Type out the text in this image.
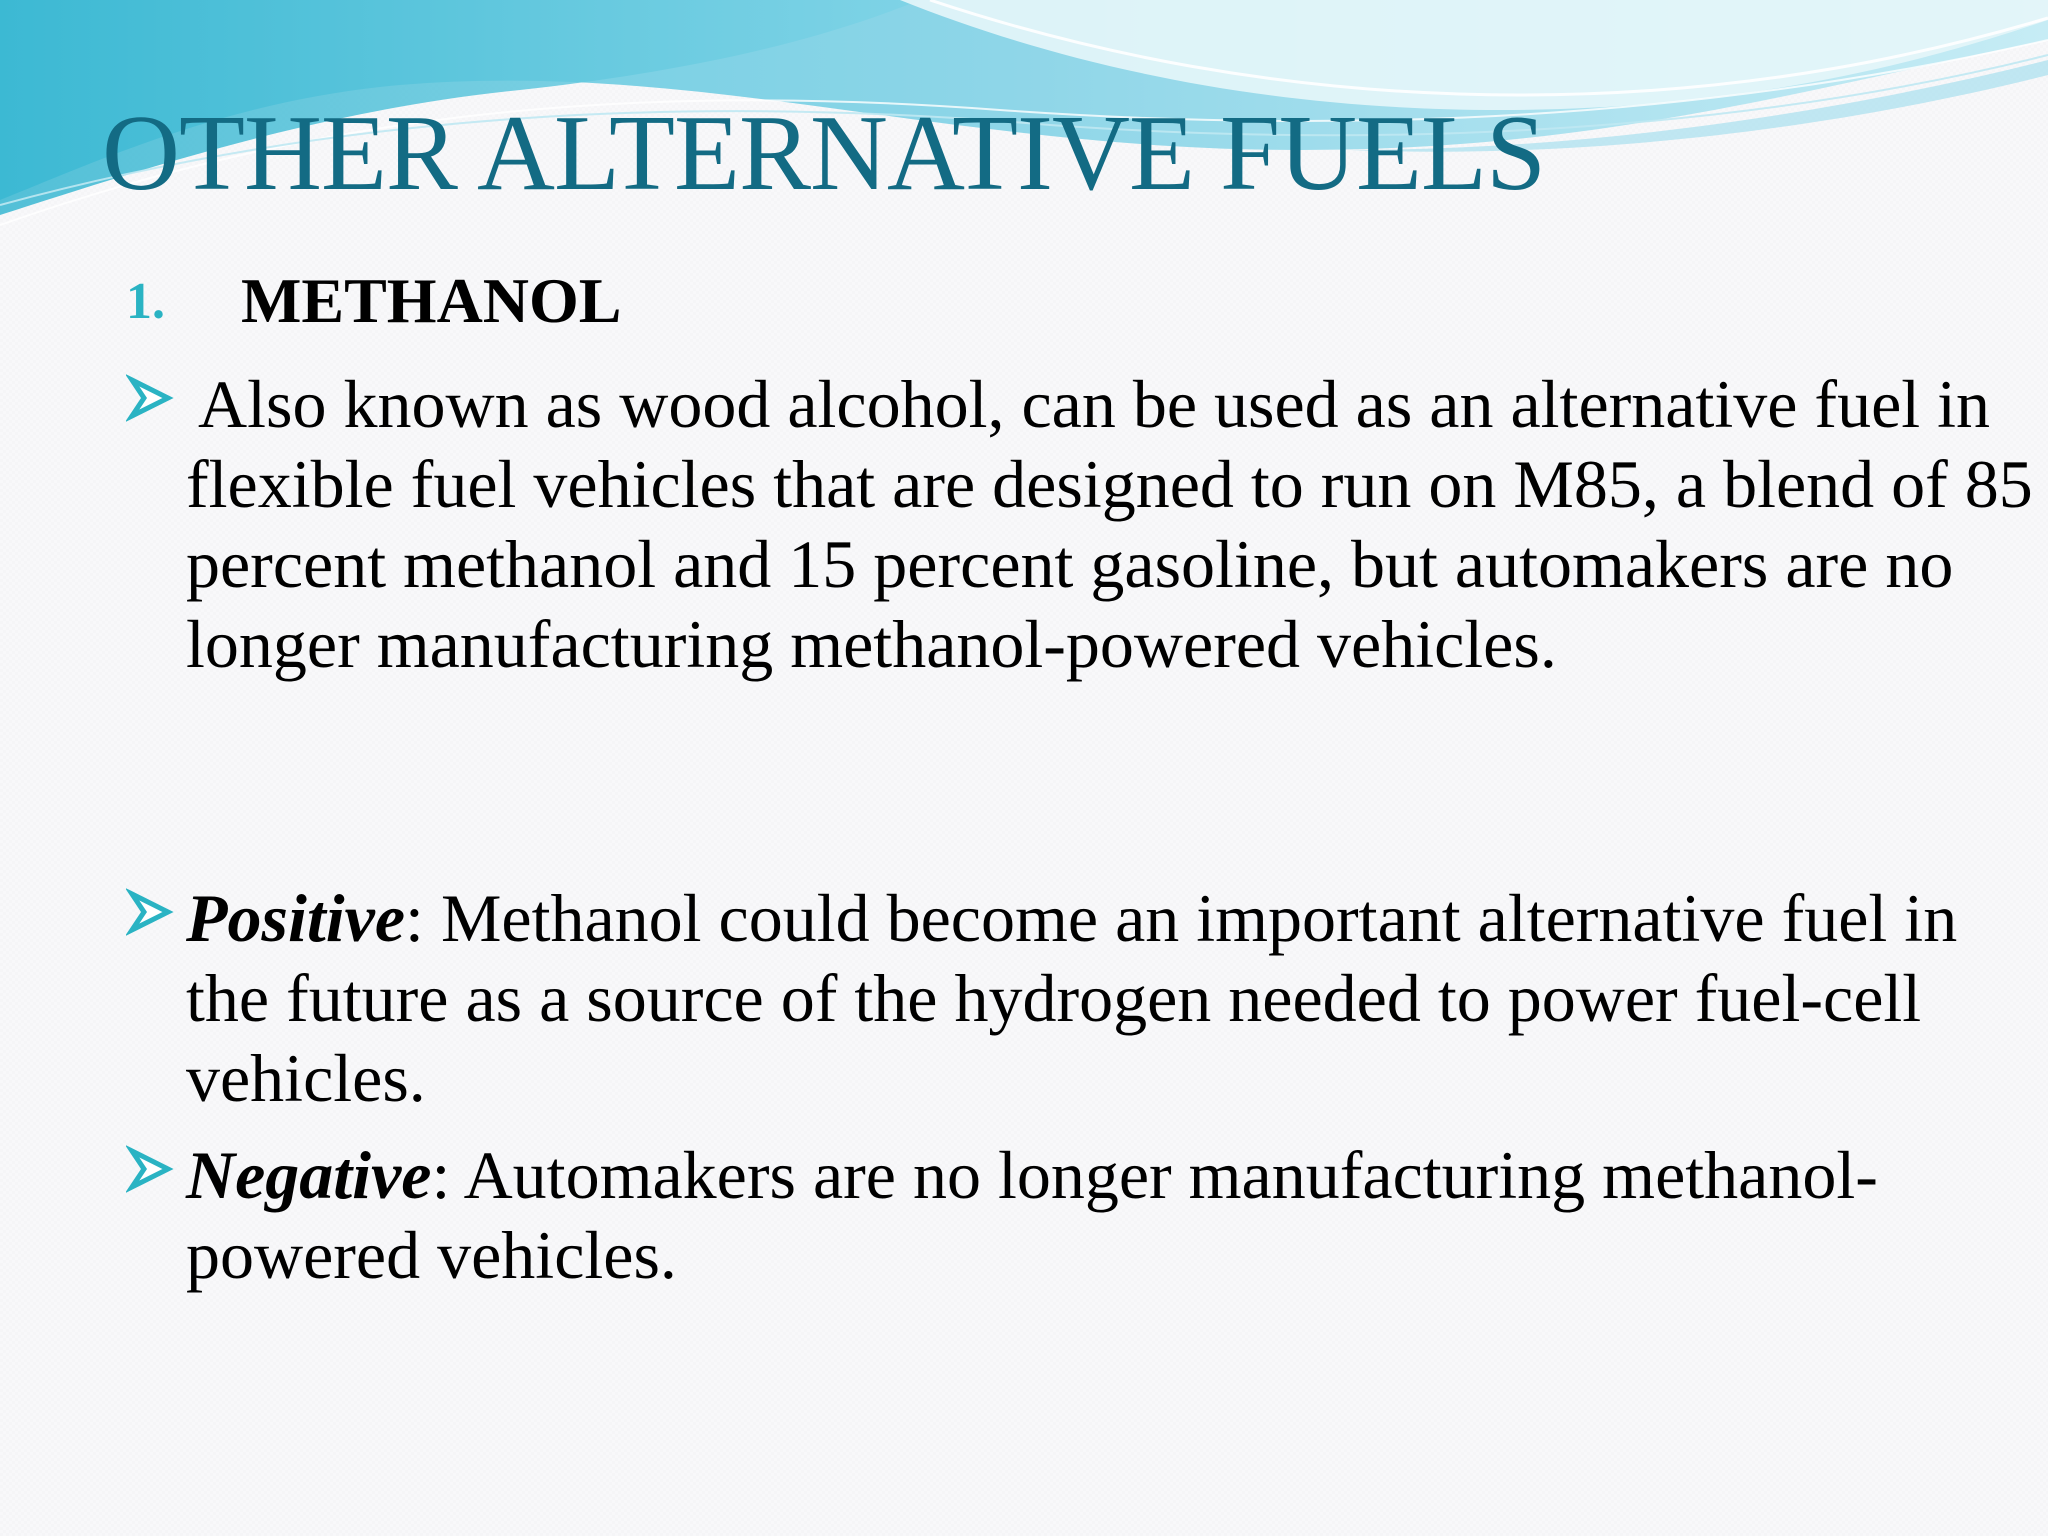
OTHER ALTERNATIVE FUELS
1. METHANOL

Also known as wood alcohol, can be used as an alternative fuel in flexible fuel vehicles that are designed to run on M85, a blend of 85 percent methanol and 15 percent gasoline, but automakers are no longer manufacturing methanol-powered vehicles.

Positive: Methanol could become an important alternative fuel in the future as a source of the hydrogen needed to power fuel-cell vehicles.

Negative: Automakers are no longer manufacturing methanol-powered vehicles.
